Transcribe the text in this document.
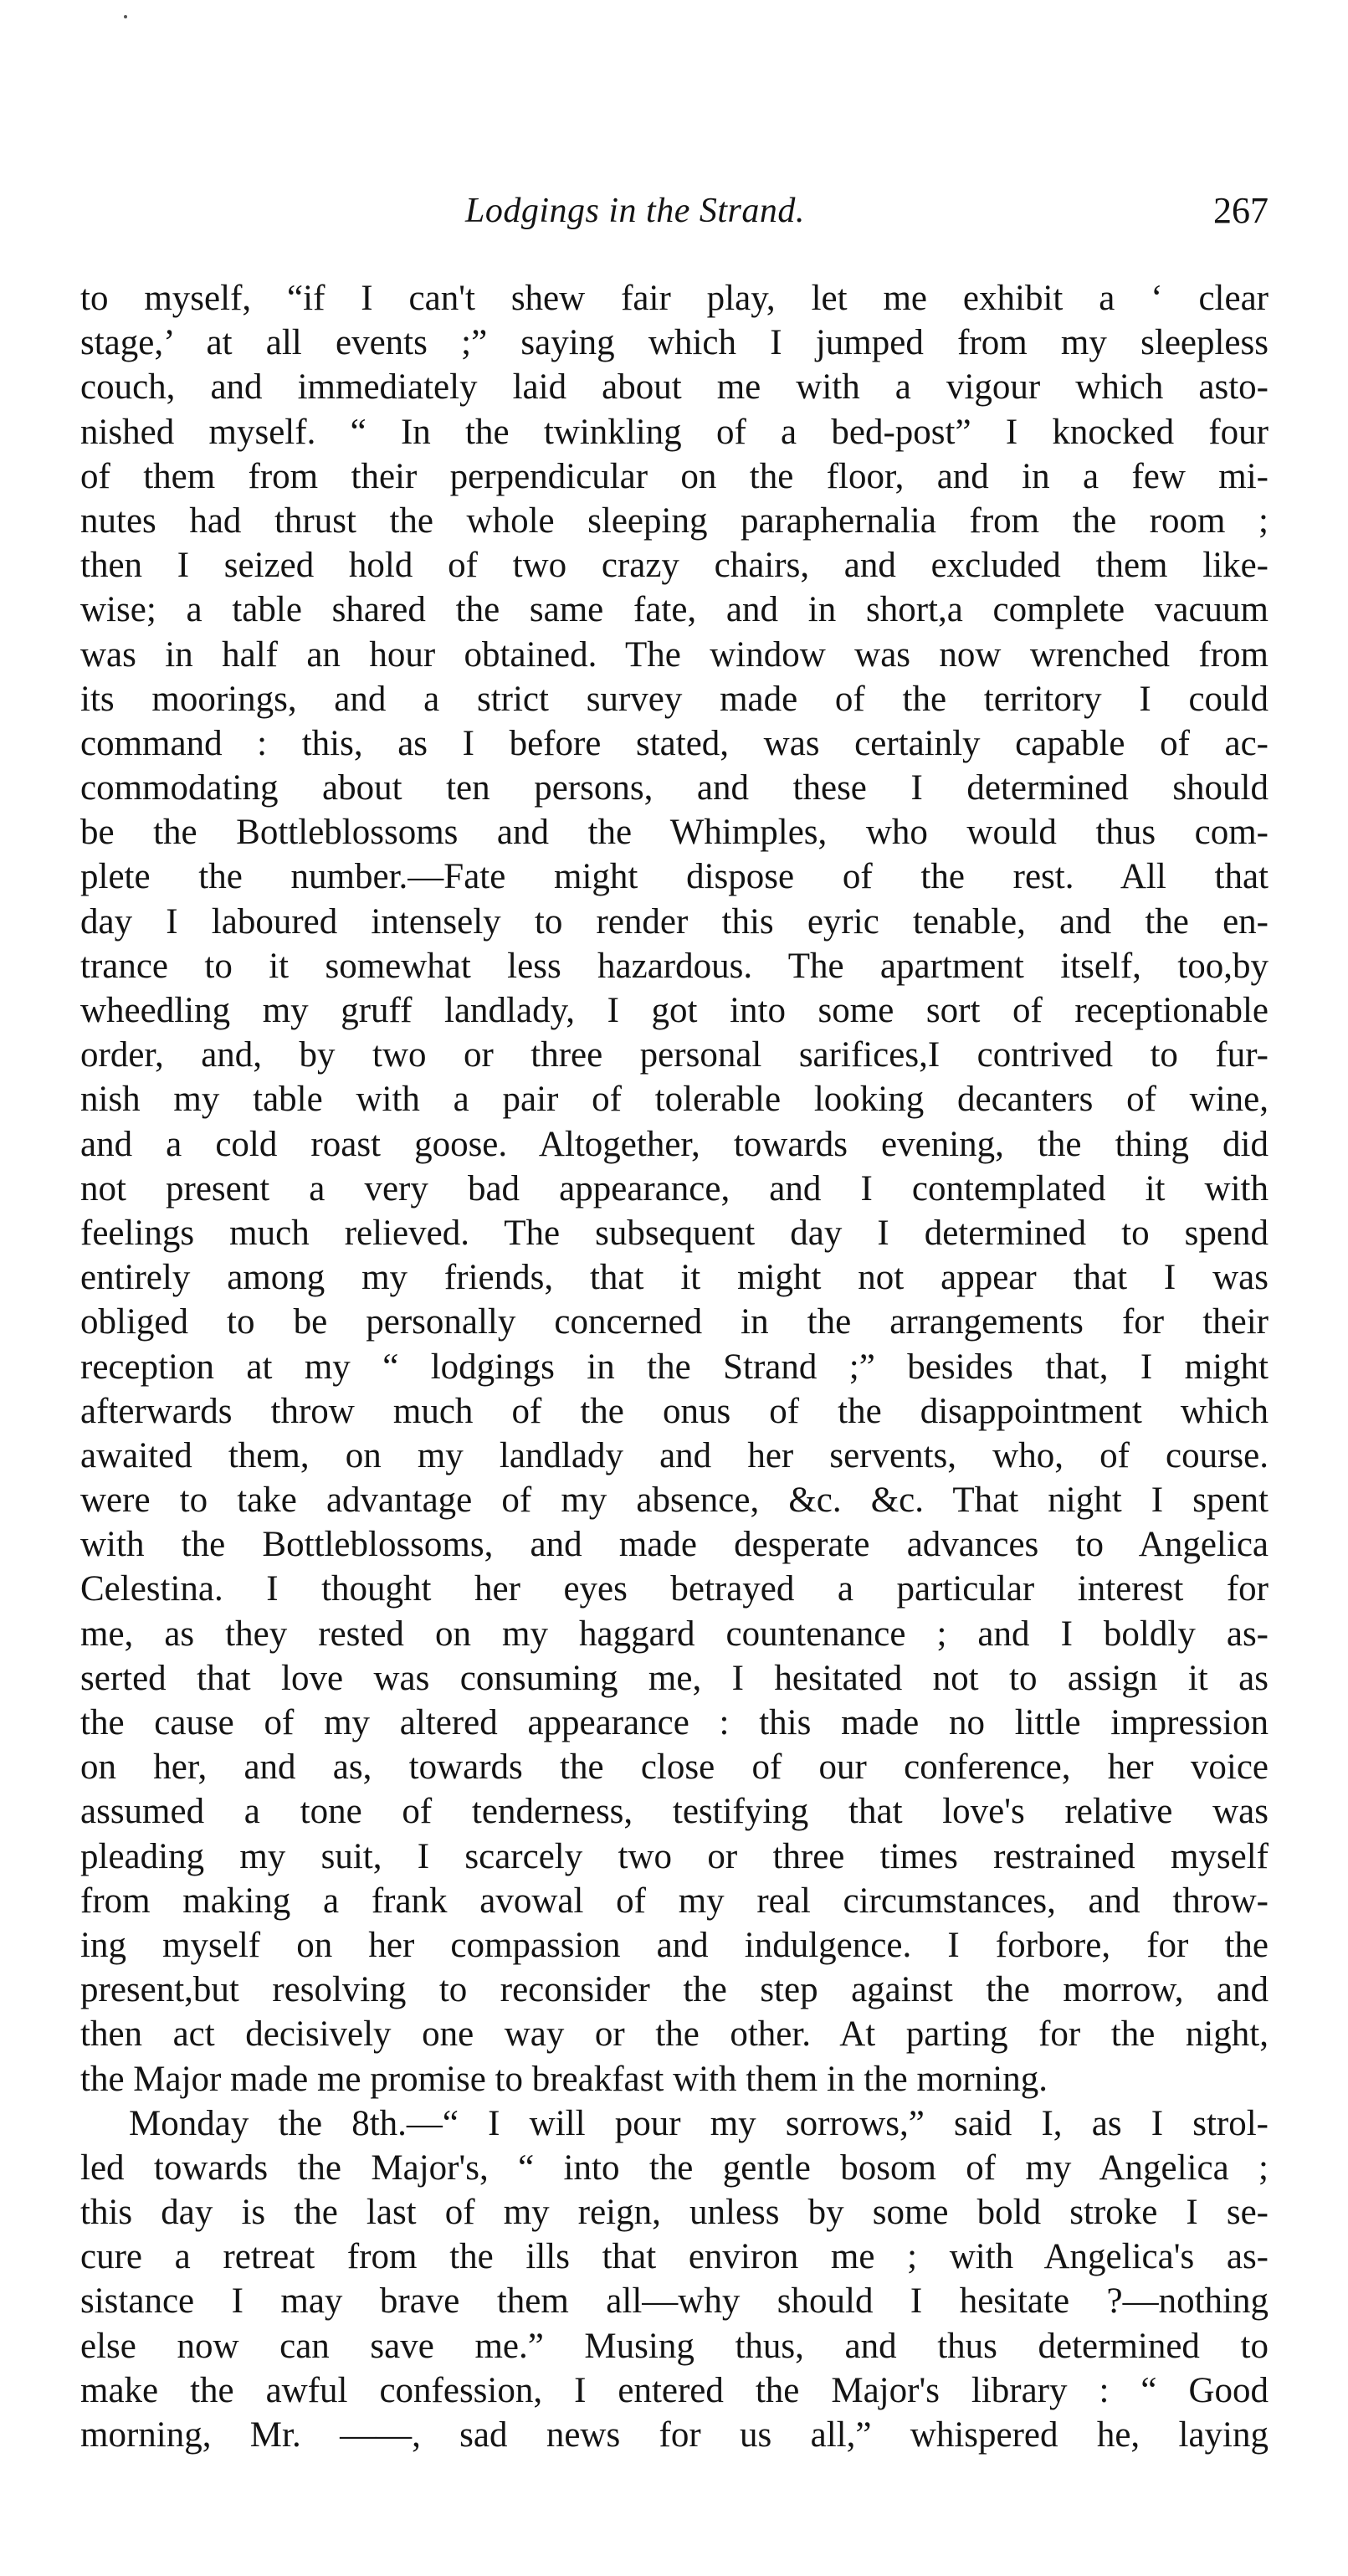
Lodgings in the Strand.	267
to myself, “if I can't shew fair play, let me exhibit a ‘ clear
stage,’ at all events ;” saying which I jumped from my sleepless
couch, and immediately laid about me with a vigour which asto-
nished myself. “ In the twinkling of a bed-post” I knocked four
of them from their perpendicular on the floor, and in a few mi-
nutes had thrust the whole sleeping paraphernalia from the room ;
then I seized hold of two crazy chairs, and excluded them like-
wise; a table shared the same fate, and in short,a complete vacuum
was in half an hour obtained. The window was now wrenched from
its moorings, and a strict survey made of the territory I could
command : this, as I before stated, was certainly capable of ac-
commodating about ten persons, and these I determined should
be the Bottleblossoms and the Whimples, who would thus com-
plete the number.—Fate might dispose of the rest. All that
day I laboured intensely to render this eyric tenable, and the en-
trance to it somewhat less hazardous. The apartment itself, too,by
wheedling my gruff landlady, I got into some sort of receptionable
order, and, by two or three personal sarifices,I contrived to fur-
nish my table with a pair of tolerable looking decanters of wine,
and a cold roast goose. Altogether, towards evening, the thing did
not present a very bad appearance, and I contemplated it with
feelings much relieved. The subsequent day I determined to spend
entirely among my friends, that it might not appear that I was
obliged to be personally concerned in the arrangements for their
reception at my “ lodgings in the Strand ;” besides that, I might
afterwards throw much of the onus of the disappointment which
awaited them, on my landlady and her servents, who, of course.
were to take advantage of my absence, &c. &c. That night I spent
with the Bottleblossoms, and made desperate advances to Angelica
Celestina. I thought her eyes betrayed a particular interest for
me, as they rested on my haggard countenance ; and I boldly as-
serted that love was consuming me, I hesitated not to assign it as
the cause of my altered appearance : this made no little impression
on her, and as, towards the close of our conference, her voice
assumed a tone of tenderness, testifying that love's relative was
pleading my suit, I scarcely two or three times restrained myself
from making a frank avowal of my real circumstances, and throw-
ing myself on her compassion and indulgence. I forbore, for the
present,but resolving to reconsider the step against the morrow, and
then act decisively one way or the other. At parting for the night,
the Major made me promise to breakfast with them in the morning.
Monday the 8th.—“ I will pour my sorrows,” said I, as I strol-
led towards the Major's, “ into the gentle bosom of my Angelica ;
this day is the last of my reign, unless by some bold stroke I se-
cure a retreat from the ills that environ me ; with Angelica's as-
sistance I may brave them all—why should I hesitate ?—nothing
else now can save me.” Musing thus, and thus determined to
make the awful confession, I entered the Major's library : “ Good
morning, Mr. ——, sad news for us all,” whispered he, laying
